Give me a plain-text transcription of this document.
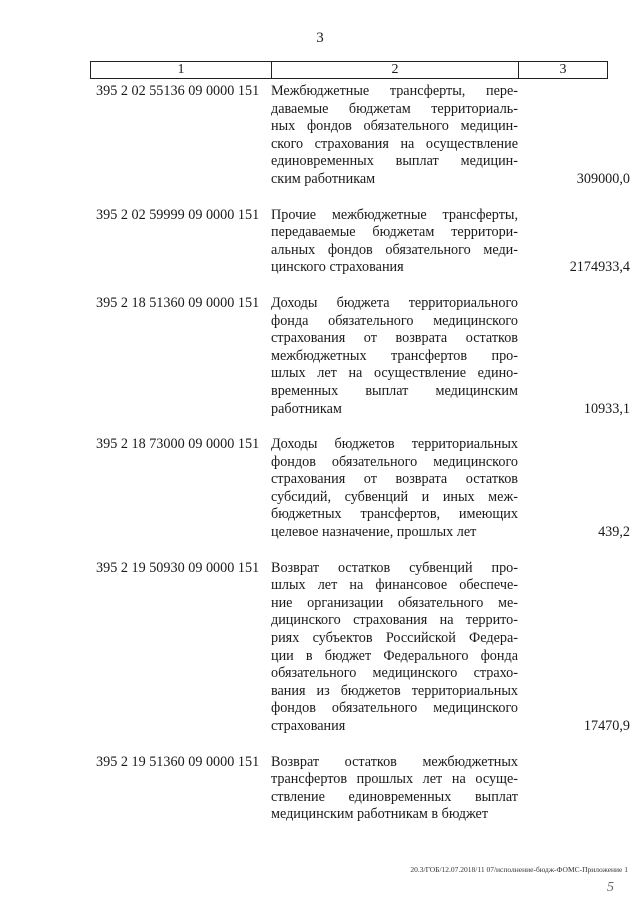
3
1	2	3
395 2 02 55136 09 0000 151 Межбюджетные трансферты, пере-
даваемые бюджетам территориаль-
ных фондов обязательного медицин-
ского страхования на осуществление
единовременных выплат медицин-
ским работникам	309000,0
395 2 02 59999 09 0000 151 Прочие межбюджетные трансферты,
передаваемые бюджетам территори-
альных фондов обязательного меди-
цинского страхования	2174933,4
395 2 18 51360 09 0000 151 Доходы бюджета территориального
фонда обязательного медицинского
страхования от возврата остатков
межбюджетных трансфертов про-
шлых лет на осуществление едино-
временных выплат медицинским
работникам	10933,1
395 2 18 73000 09 0000 151 Доходы бюджетов территориальных
фондов обязательного медицинского
страхования от возврата остатков
субсидий, субвенций и иных меж-
бюджетных трансфертов, имеющих
целевое назначение, прошлых лет	439,2
395 2 19 50930 09 0000 151 Возврат остатков субвенций про-
шлых лет на финансовое обеспече-
ние организации обязательного ме-
дицинского страхования на террито-
риях субъектов Российской Федера-
ции в бюджет Федерального фонда
обязательного медицинского страхо-
вания из бюджетов территориальных
фондов обязательного медицинского
страхования	17470,9
395 2 19 51360 09 0000 151 Возврат остатков межбюджетных
трансфертов прошлых лет на осуще-
ствление единовременных выплат
медицинским работникам в бюджет
20.3/ГОБ/12.07.2018/11 07/исполнение-бюдж-ФОМС-Приложение 1
5
